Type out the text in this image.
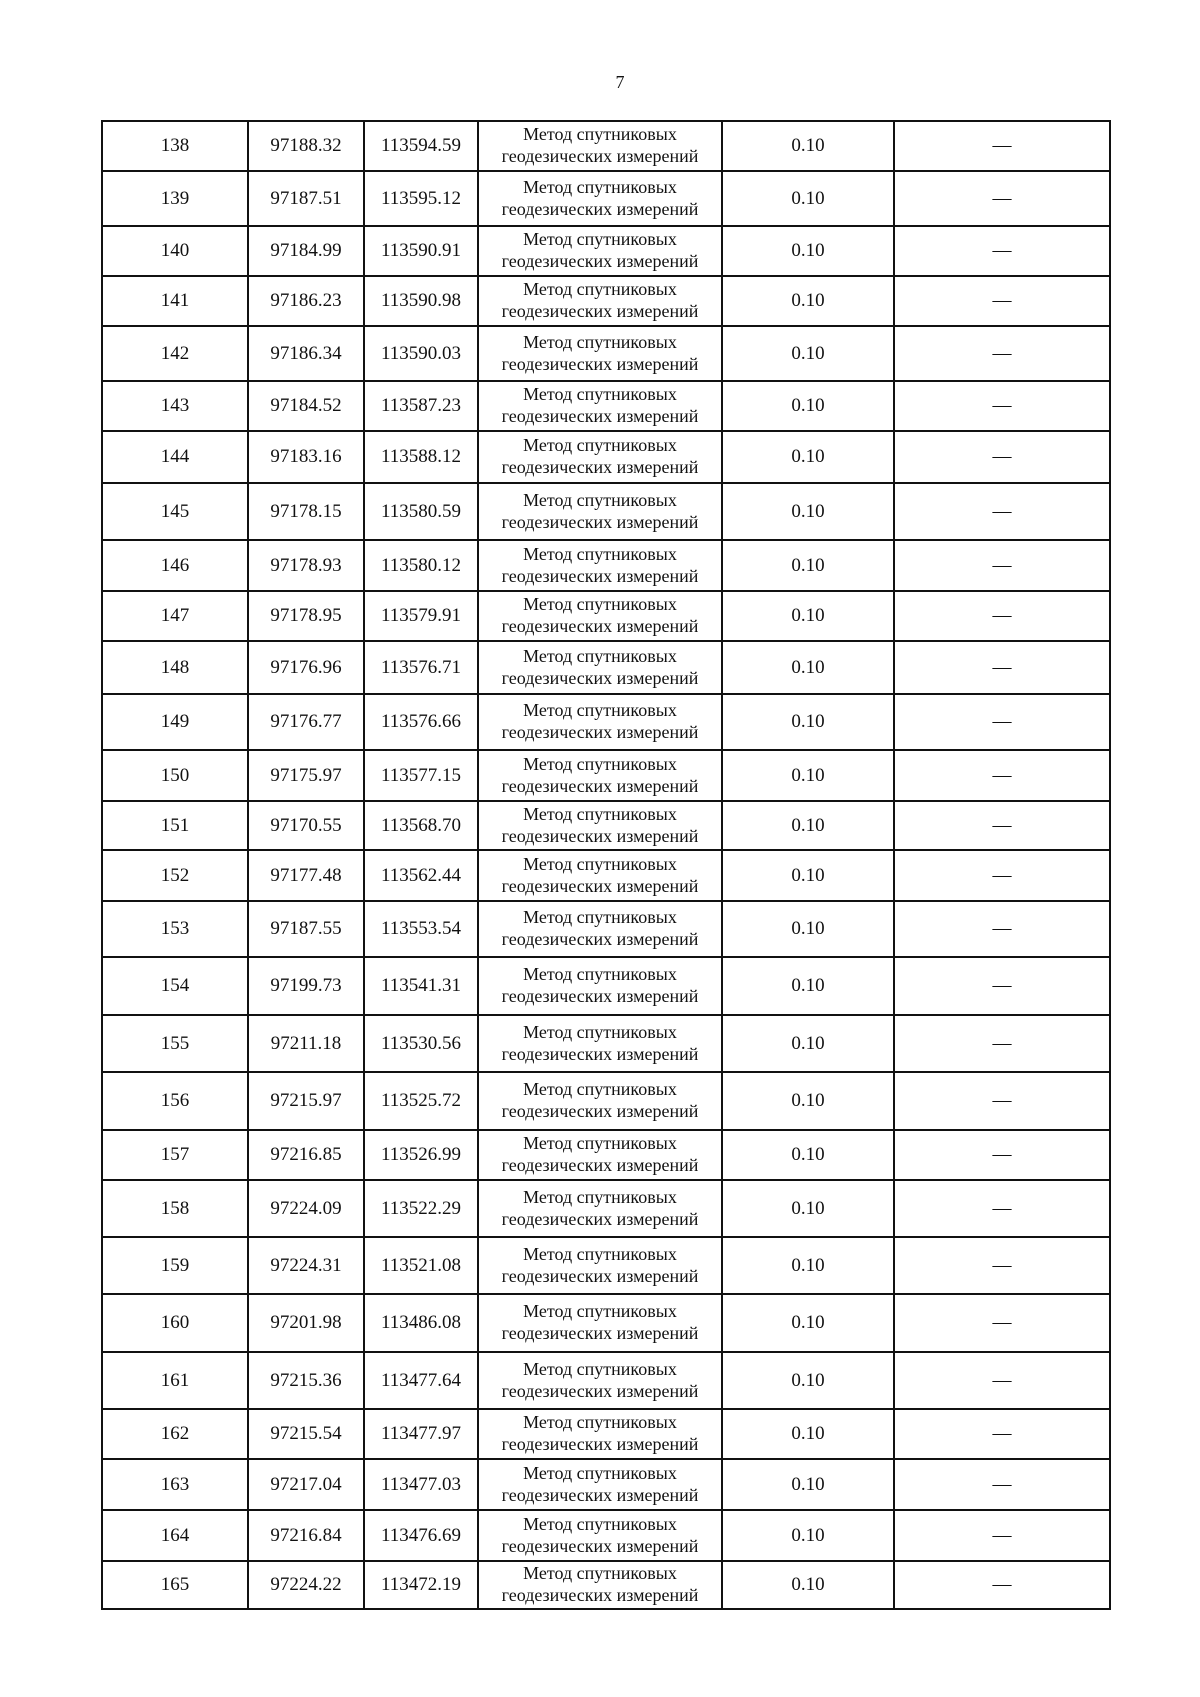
7
138	97188.32	113594.59	Метод спутниковых геодезических измерений	0.10	—
139	97187.51	113595.12	Метод спутниковых геодезических измерений	0.10	—
140	97184.99	113590.91	Метод спутниковых геодезических измерений	0.10	—
141	97186.23	113590.98	Метод спутниковых геодезических измерений	0.10	—
142	97186.34	113590.03	Метод спутниковых геодезических измерений	0.10	—
143	97184.52	113587.23	Метод спутниковых геодезических измерений	0.10	—
144	97183.16	113588.12	Метод спутниковых геодезических измерений	0.10	—
145	97178.15	113580.59	Метод спутниковых геодезических измерений	0.10	—
146	97178.93	113580.12	Метод спутниковых геодезических измерений	0.10	—
147	97178.95	113579.91	Метод спутниковых геодезических измерений	0.10	—
148	97176.96	113576.71	Метод спутниковых геодезических измерений	0.10	—
149	97176.77	113576.66	Метод спутниковых геодезических измерений	0.10	—
150	97175.97	113577.15	Метод спутниковых геодезических измерений	0.10	—
151	97170.55	113568.70	Метод спутниковых геодезических измерений	0.10	—
152	97177.48	113562.44	Метод спутниковых геодезических измерений	0.10	—
153	97187.55	113553.54	Метод спутниковых геодезических измерений	0.10	—
154	97199.73	113541.31	Метод спутниковых геодезических измерений	0.10	—
155	97211.18	113530.56	Метод спутниковых геодезических измерений	0.10	—
156	97215.97	113525.72	Метод спутниковых геодезических измерений	0.10	—
157	97216.85	113526.99	Метод спутниковых геодезических измерений	0.10	—
158	97224.09	113522.29	Метод спутниковых геодезических измерений	0.10	—
159	97224.31	113521.08	Метод спутниковых геодезических измерений	0.10	—
160	97201.98	113486.08	Метод спутниковых геодезических измерений	0.10	—
161	97215.36	113477.64	Метод спутниковых геодезических измерений	0.10	—
162	97215.54	113477.97	Метод спутниковых геодезических измерений	0.10	—
163	97217.04	113477.03	Метод спутниковых геодезических измерений	0.10	—
164	97216.84	113476.69	Метод спутниковых геодезических измерений	0.10	—
165	97224.22	113472.19	Метод спутниковых геодезических измерений	0.10	—
